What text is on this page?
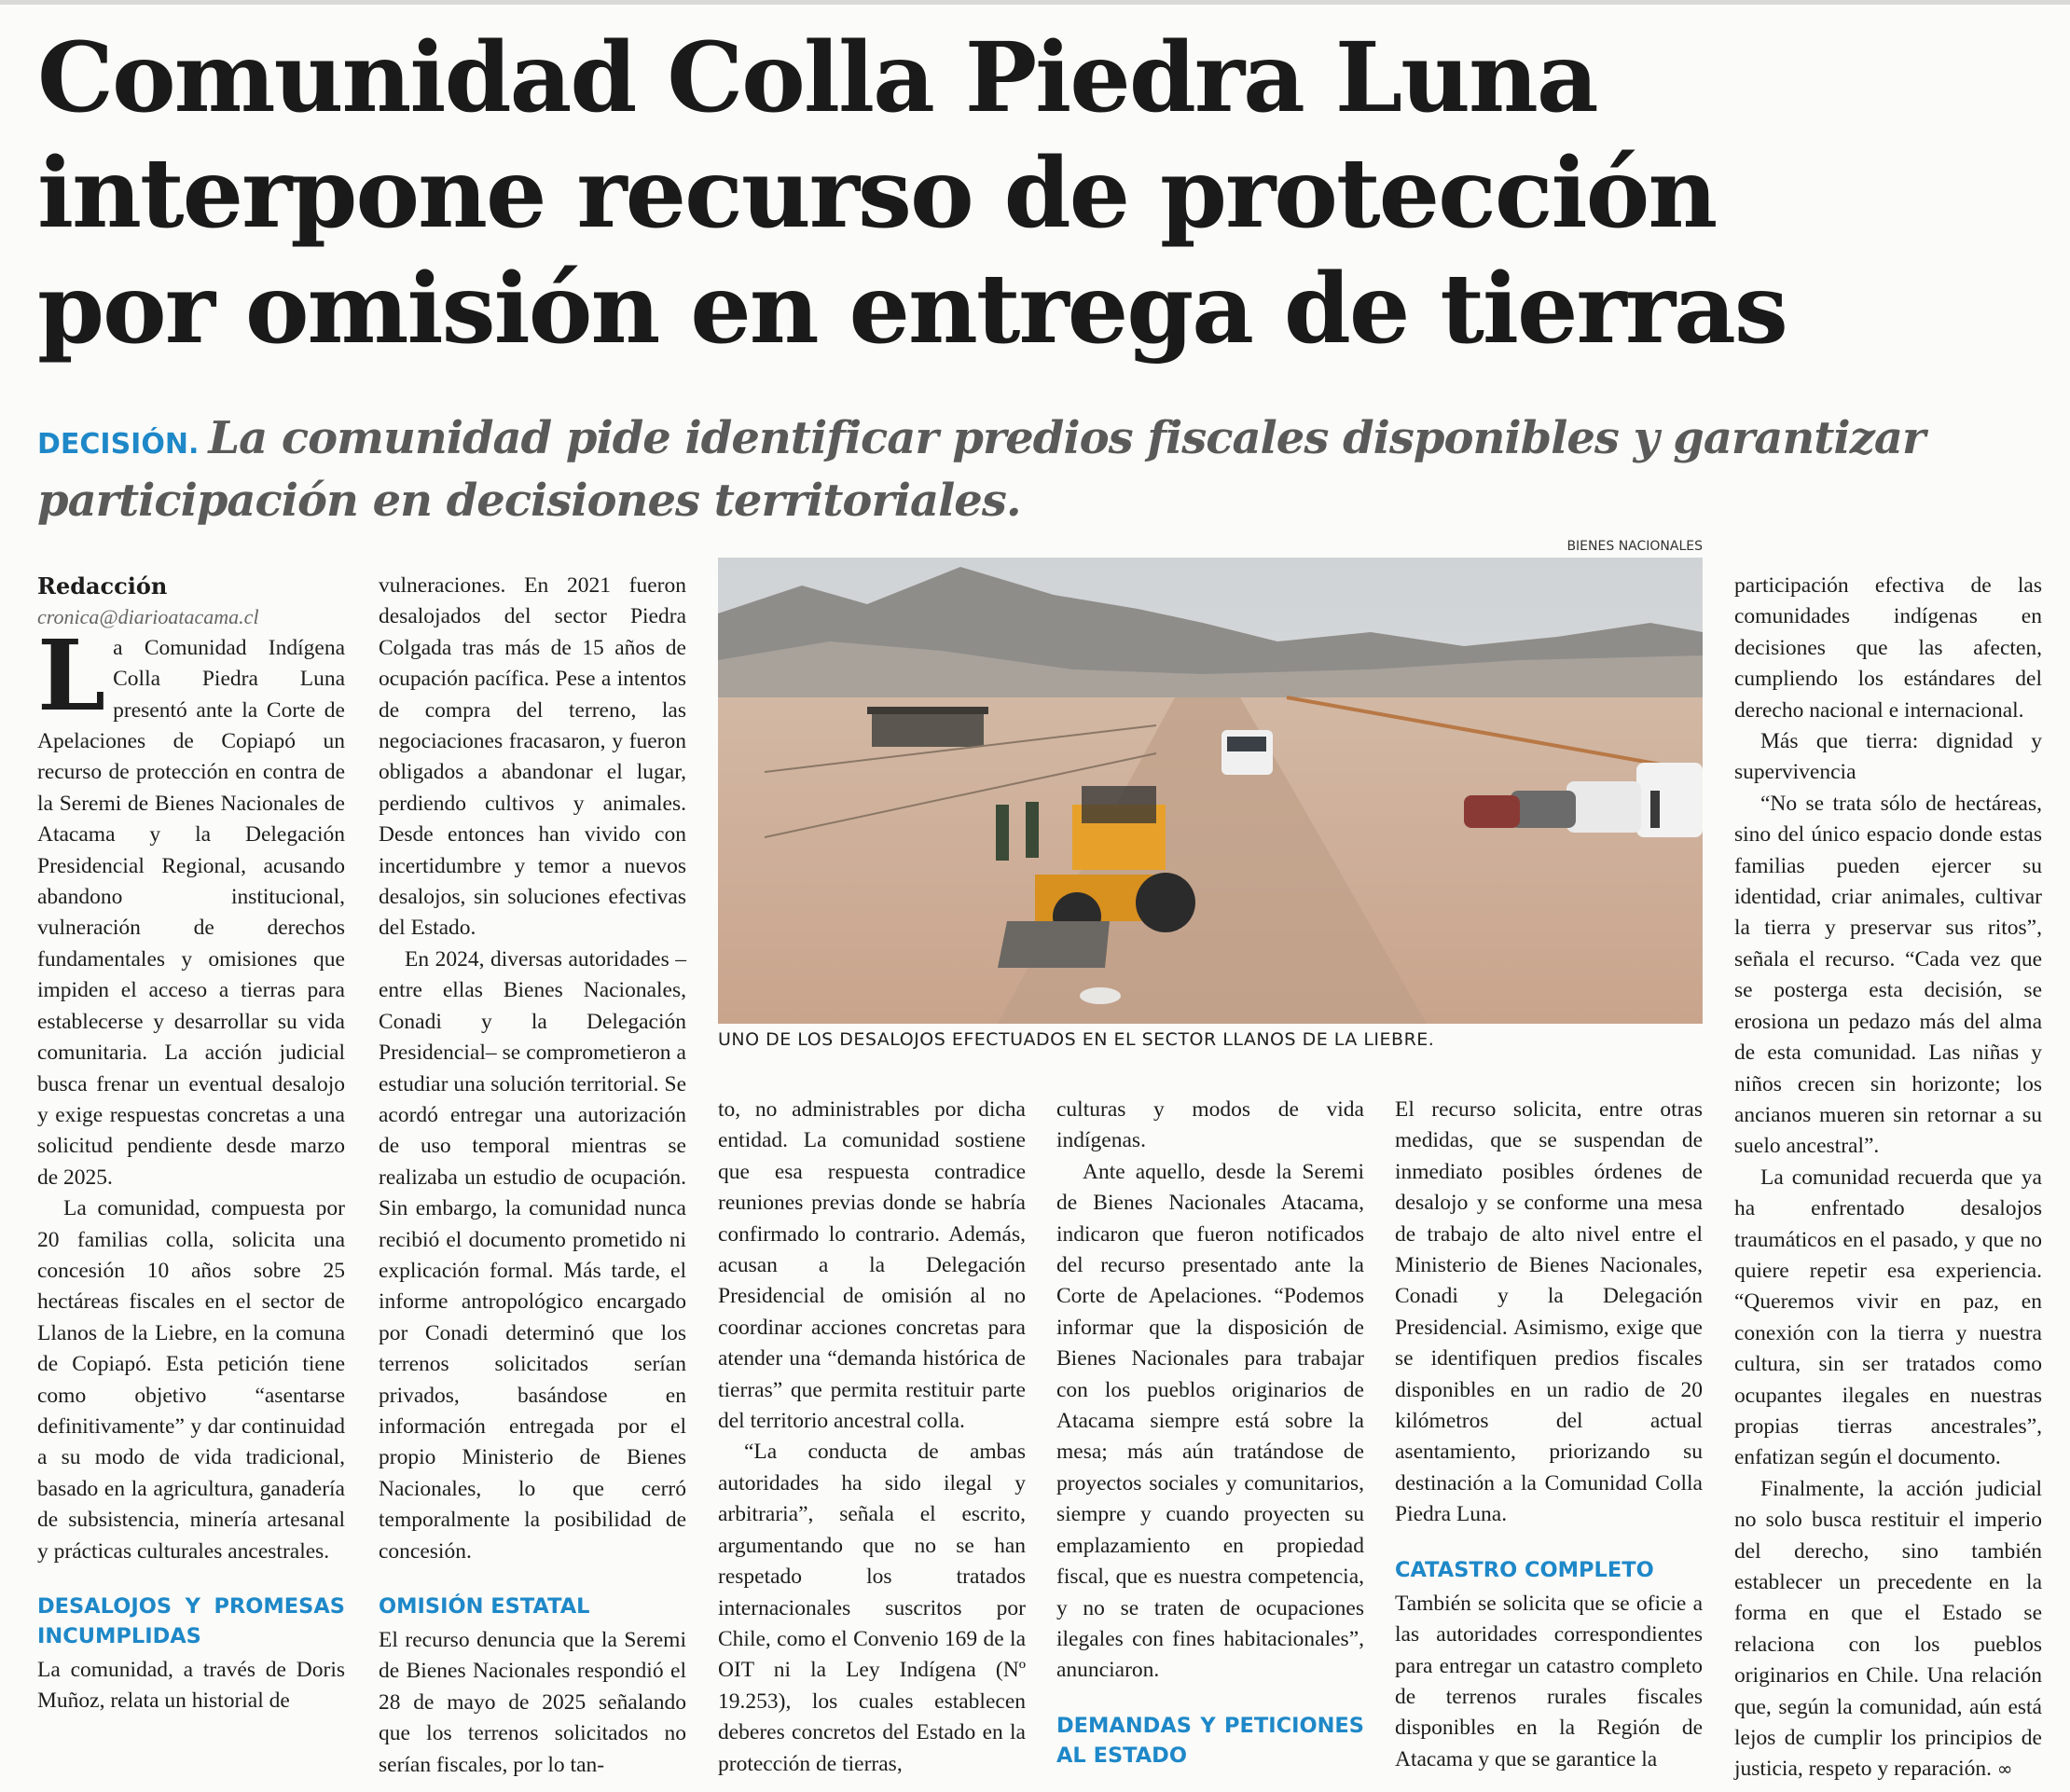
Comunidad Colla Piedra Luna
interpone recurso de protección
por omisión en entrega de tierras
DECISIÓN. La comunidad pide identificar predios fiscales disponibles y garantizar participación en decisiones territoriales.

Redacción

cronica@diarioatacama.cl

La Comunidad Indígena Colla Piedra Luna presentó ante la Corte de Apelaciones de Copiapó un recurso de protección en contra de la Seremi de Bienes Nacionales de Atacama y la Delegación Presidencial Regional, acusando abandono institucional, vulneración de derechos fundamentales y omisiones que impiden el acceso a tierras para establecerse y desarrollar su vida comunitaria. La acción judicial busca frenar un eventual desalojo y exige respuestas concretas a una solicitud pendiente desde marzo de 2025.

La comunidad, compuesta por 20 familias colla, solicita una concesión 10 años sobre 25 hectáreas fiscales en el sector de Llanos de la Liebre, en la comuna de Copiapó. Esta petición tiene como objetivo “asentarse definitivamente” y dar continuidad a su modo de vida tradicional, basado en la agricultura, ganadería de subsistencia, minería artesanal y prácticas culturales ancestrales.

DESALOJOS Y PROMESAS INCUMPLIDAS

La comunidad, a través de Doris Muñoz, relata un historial de

vulneraciones. En 2021 fueron desalojados del sector Piedra Colgada tras más de 15 años de ocupación pacífica. Pese a intentos de compra del terreno, las negociaciones fracasaron, y fueron obligados a abandonar el lugar, perdiendo cultivos y animales. Desde entonces han vivido con incertidumbre y temor a nuevos desalojos, sin soluciones efectivas del Estado.

En 2024, diversas autoridades –entre ellas Bienes Nacionales, Conadi y la Delegación Presidencial– se comprometieron a estudiar una solución territorial. Se acordó entregar una autorización de uso temporal mientras se realizaba un estudio de ocupación. Sin embargo, la comunidad nunca recibió el documento prometido ni explicación formal. Más tarde, el informe antropológico encargado por Conadi determinó que los terrenos solicitados serían privados, basándose en información entregada por el propio Ministerio de Bienes Nacionales, lo que cerró temporalmente la posibilidad de concesión.

OMISIÓN ESTATAL

El recurso denuncia que la Seremi de Bienes Nacionales respondió el 28 de mayo de 2025 señalando que los terrenos solicitados no serían fiscales, por lo tan-

BIENES NACIONALES
UNO DE LOS DESALOJOS EFECTUADOS EN EL SECTOR LLANOS DE LA LIEBRE.

to, no administrables por dicha entidad. La comunidad sostiene que esa respuesta contradice reuniones previas donde se habría confirmado lo contrario. Además, acusan a la Delegación Presidencial de omisión al no coordinar acciones concretas para atender una “demanda histórica de tierras” que permita restituir parte del territorio ancestral colla.

“La conducta de ambas autoridades ha sido ilegal y arbitraria”, señala el escrito, argumentando que no se han respetado los tratados internacionales suscritos por Chile, como el Convenio 169 de la OIT ni la Ley Indígena (Nº 19.253), los cuales establecen deberes concretos del Estado en la protección de tierras,

culturas y modos de vida indígenas.

Ante aquello, desde la Seremi de Bienes Nacionales Atacama, indicaron que fueron notificados del recurso presentado ante la Corte de Apelaciones. “Podemos informar que la disposición de Bienes Nacionales para trabajar con los pueblos originarios de Atacama siempre está sobre la mesa; más aún tratándose de proyectos sociales y comunitarios, siempre y cuando proyecten su emplazamiento en propiedad fiscal, que es nuestra competencia, y no se traten de ocupaciones ilegales con fines habitacionales”, anunciaron.

DEMANDAS Y PETICIONES AL ESTADO

El recurso solicita, entre otras medidas, que se suspendan de inmediato posibles órdenes de desalojo y se conforme una mesa de trabajo de alto nivel entre el Ministerio de Bienes Nacionales, Conadi y la Delegación Presidencial. Asimismo, exige que se identifiquen predios fiscales disponibles en un radio de 20 kilómetros del actual asentamiento, priorizando su destinación a la Comunidad Colla Piedra Luna.

CATASTRO COMPLETO

También se solicita que se oficie a las autoridades correspondientes para entregar un catastro completo de terrenos rurales fiscales disponibles en la Región de Atacama y que se garantice la

participación efectiva de las comunidades indígenas en decisiones que las afecten, cumpliendo los estándares del derecho nacional e internacional.

Más que tierra: dignidad y supervivencia

“No se trata sólo de hectáreas, sino del único espacio donde estas familias pueden ejercer su identidad, criar animales, cultivar la tierra y preservar sus ritos”, señala el recurso. “Cada vez que se posterga esta decisión, se erosiona un pedazo más del alma de esta comunidad. Las niñas y niños crecen sin horizonte; los ancianos mueren sin retornar a su suelo ancestral”.

La comunidad recuerda que ya ha enfrentado desalojos traumáticos en el pasado, y que no quiere repetir esa experiencia. “Queremos vivir en paz, en conexión con la tierra y nuestra cultura, sin ser tratados como ocupantes ilegales en nuestras propias tierras ancestrales”, enfatizan según el documento.

Finalmente, la acción judicial no solo busca restituir el imperio del derecho, sino también establecer un precedente en la forma en que el Estado se relaciona con los pueblos originarios en Chile. Una relación que, según la comunidad, aún está lejos de cumplir los principios de justicia, respeto y reparación. ∞
